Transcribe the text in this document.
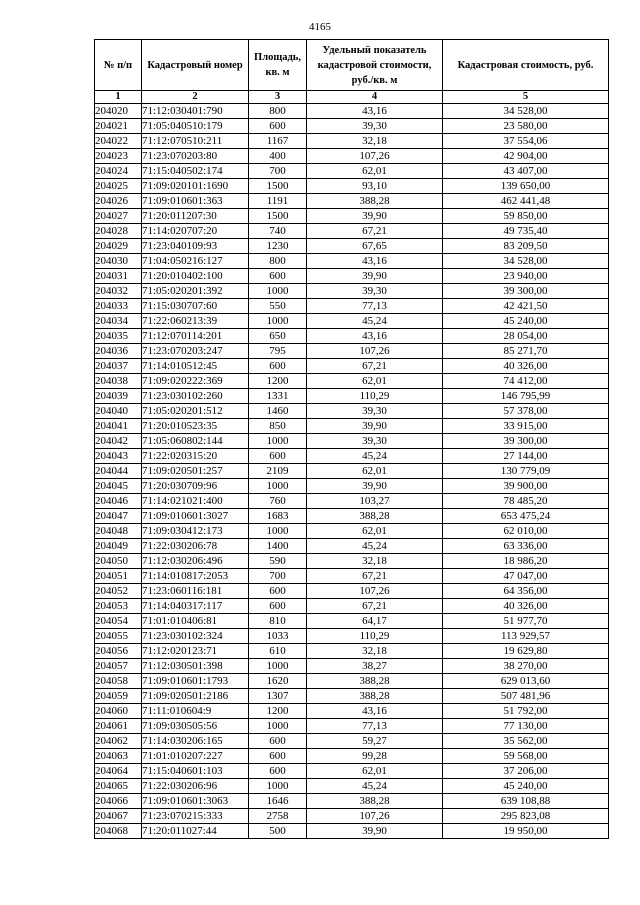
4165
№ п/п	Кадастровый номер	Площадь, кв. м	Удельный показатель кадастровой стоимости, руб./кв. м	Кадастровая стоимость, руб.
1	2	3	4	5
204020	71:12:030401:790	800	43,16	34 528,00
204021	71:05:040510:179	600	39,30	23 580,00
204022	71:12:070510:211	1167	32,18	37 554,06
204023	71:23:070203:80	400	107,26	42 904,00
204024	71:15:040502:174	700	62,01	43 407,00
204025	71:09:020101:1690	1500	93,10	139 650,00
204026	71:09:010601:363	1191	388,28	462 441,48
204027	71:20:011207:30	1500	39,90	59 850,00
204028	71:14:020707:20	740	67,21	49 735,40
204029	71:23:040109:93	1230	67,65	83 209,50
204030	71:04:050216:127	800	43,16	34 528,00
204031	71:20:010402:100	600	39,90	23 940,00
204032	71:05:020201:392	1000	39,30	39 300,00
204033	71:15:030707:60	550	77,13	42 421,50
204034	71:22:060213:39	1000	45,24	45 240,00
204035	71:12:070114:201	650	43,16	28 054,00
204036	71:23:070203:247	795	107,26	85 271,70
204037	71:14:010512:45	600	67,21	40 326,00
204038	71:09:020222:369	1200	62,01	74 412,00
204039	71:23:030102:260	1331	110,29	146 795,99
204040	71:05:020201:512	1460	39,30	57 378,00
204041	71:20:010523:35	850	39,90	33 915,00
204042	71:05:060802:144	1000	39,30	39 300,00
204043	71:22:020315:20	600	45,24	27 144,00
204044	71:09:020501:257	2109	62,01	130 779,09
204045	71:20:030709:96	1000	39,90	39 900,00
204046	71:14:021021:400	760	103,27	78 485,20
204047	71:09:010601:3027	1683	388,28	653 475,24
204048	71:09:030412:173	1000	62,01	62 010,00
204049	71:22:030206:78	1400	45,24	63 336,00
204050	71:12:030206:496	590	32,18	18 986,20
204051	71:14:010817:2053	700	67,21	47 047,00
204052	71:23:060116:181	600	107,26	64 356,00
204053	71:14:040317:117	600	67,21	40 326,00
204054	71:01:010406:81	810	64,17	51 977,70
204055	71:23:030102:324	1033	110,29	113 929,57
204056	71:12:020123:71	610	32,18	19 629,80
204057	71:12:030501:398	1000	38,27	38 270,00
204058	71:09:010601:1793	1620	388,28	629 013,60
204059	71:09:020501:2186	1307	388,28	507 481,96
204060	71:11:010604:9	1200	43,16	51 792,00
204061	71:09:030505:56	1000	77,13	77 130,00
204062	71:14:030206:165	600	59,27	35 562,00
204063	71:01:010207:227	600	99,28	59 568,00
204064	71:15:040601:103	600	62,01	37 206,00
204065	71:22:030206:96	1000	45,24	45 240,00
204066	71:09:010601:3063	1646	388,28	639 108,88
204067	71:23:070215:333	2758	107,26	295 823,08
204068	71:20:011027:44	500	39,90	19 950,00
